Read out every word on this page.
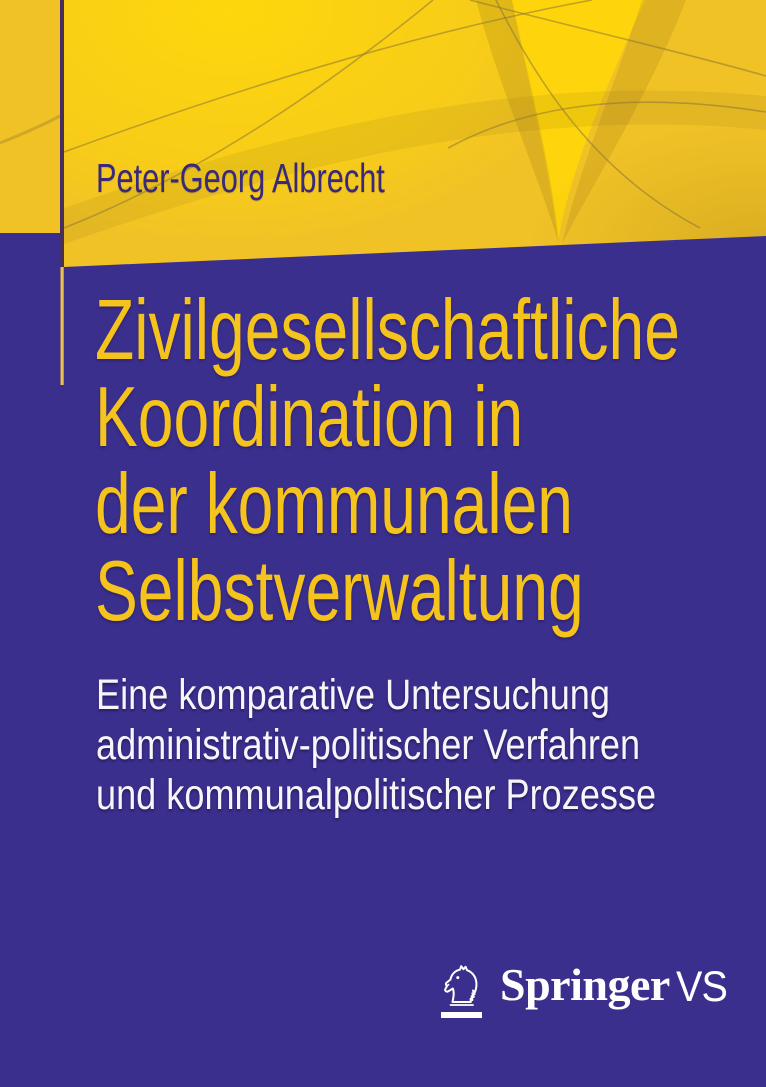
Peter-Georg Albrecht
Zivilgesellschaftliche
Koordination in
der kommunalen
Selbstverwaltung

Eine komparative Untersuchung
administrativ-politischer Verfahren
und kommunalpolitischer Prozesse

Springer VS
